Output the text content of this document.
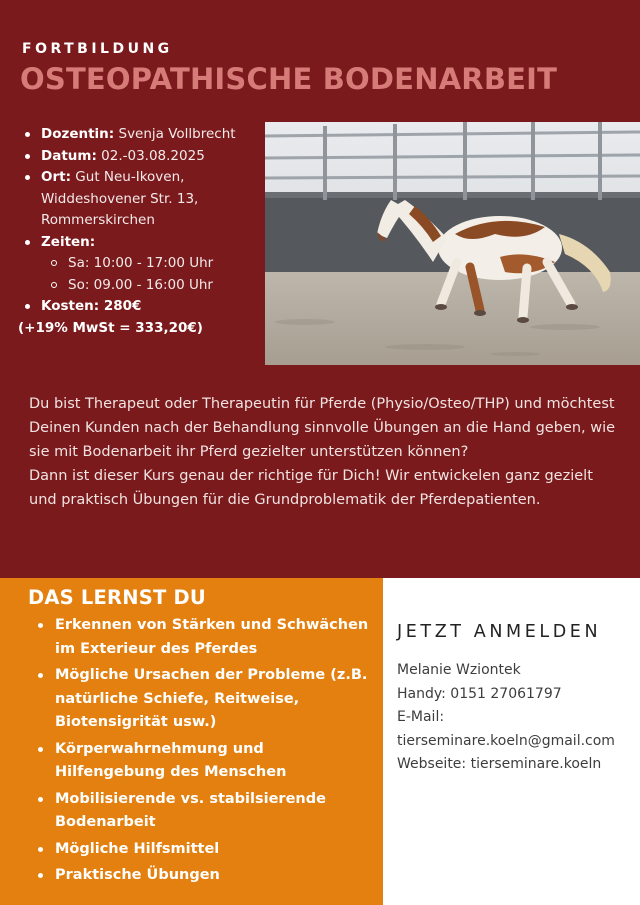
FORTBILDUNG
OSTEOPATHISCHE BODENARBEIT
Dozentin: Svenja Vollbrecht
Datum: 02.-03.08.2025
Ort: Gut Neu-Ikoven,
Widdeshovener Str. 13,
Rommerskirchen
Zeiten:
Sa: 10:00 - 17:00 Uhr
So: 09.00 - 16:00 Uhr
Kosten: 280€
(+19% MwSt = 333,20€)

Du bist Therapeut oder Therapeutin für Pferde (Physio/Osteo/THP) und möchtest Deinen Kunden nach der Behandlung sinnvolle Übungen an die Hand geben, wie sie mit Bodenarbeit ihr Pferd gezielter unterstützen können?

Dann ist dieser Kurs genau der richtige für Dich! Wir entwickelen ganz gezielt und praktisch Übungen für die Grundproblematik der Pferdepatienten.

DAS LERNST DU
Erkennen von Stärken und Schwächen im Exterieur des Pferdes
Mögliche Ursachen der Probleme (z.B. natürliche Schiefe, Reitweise, Biotensigrität usw.)
Körperwahrnehmung und Hilfengebung des Menschen
Mobilisierende vs. stabilsierende Bodenarbeit
Mögliche Hilfsmittel
Praktische Übungen
JETZT ANMELDEN
Melanie Wziontek
Handy: 0151 27061797
E-Mail:
tierseminare.koeln@gmail.com
Webseite: tierseminare.koeln
